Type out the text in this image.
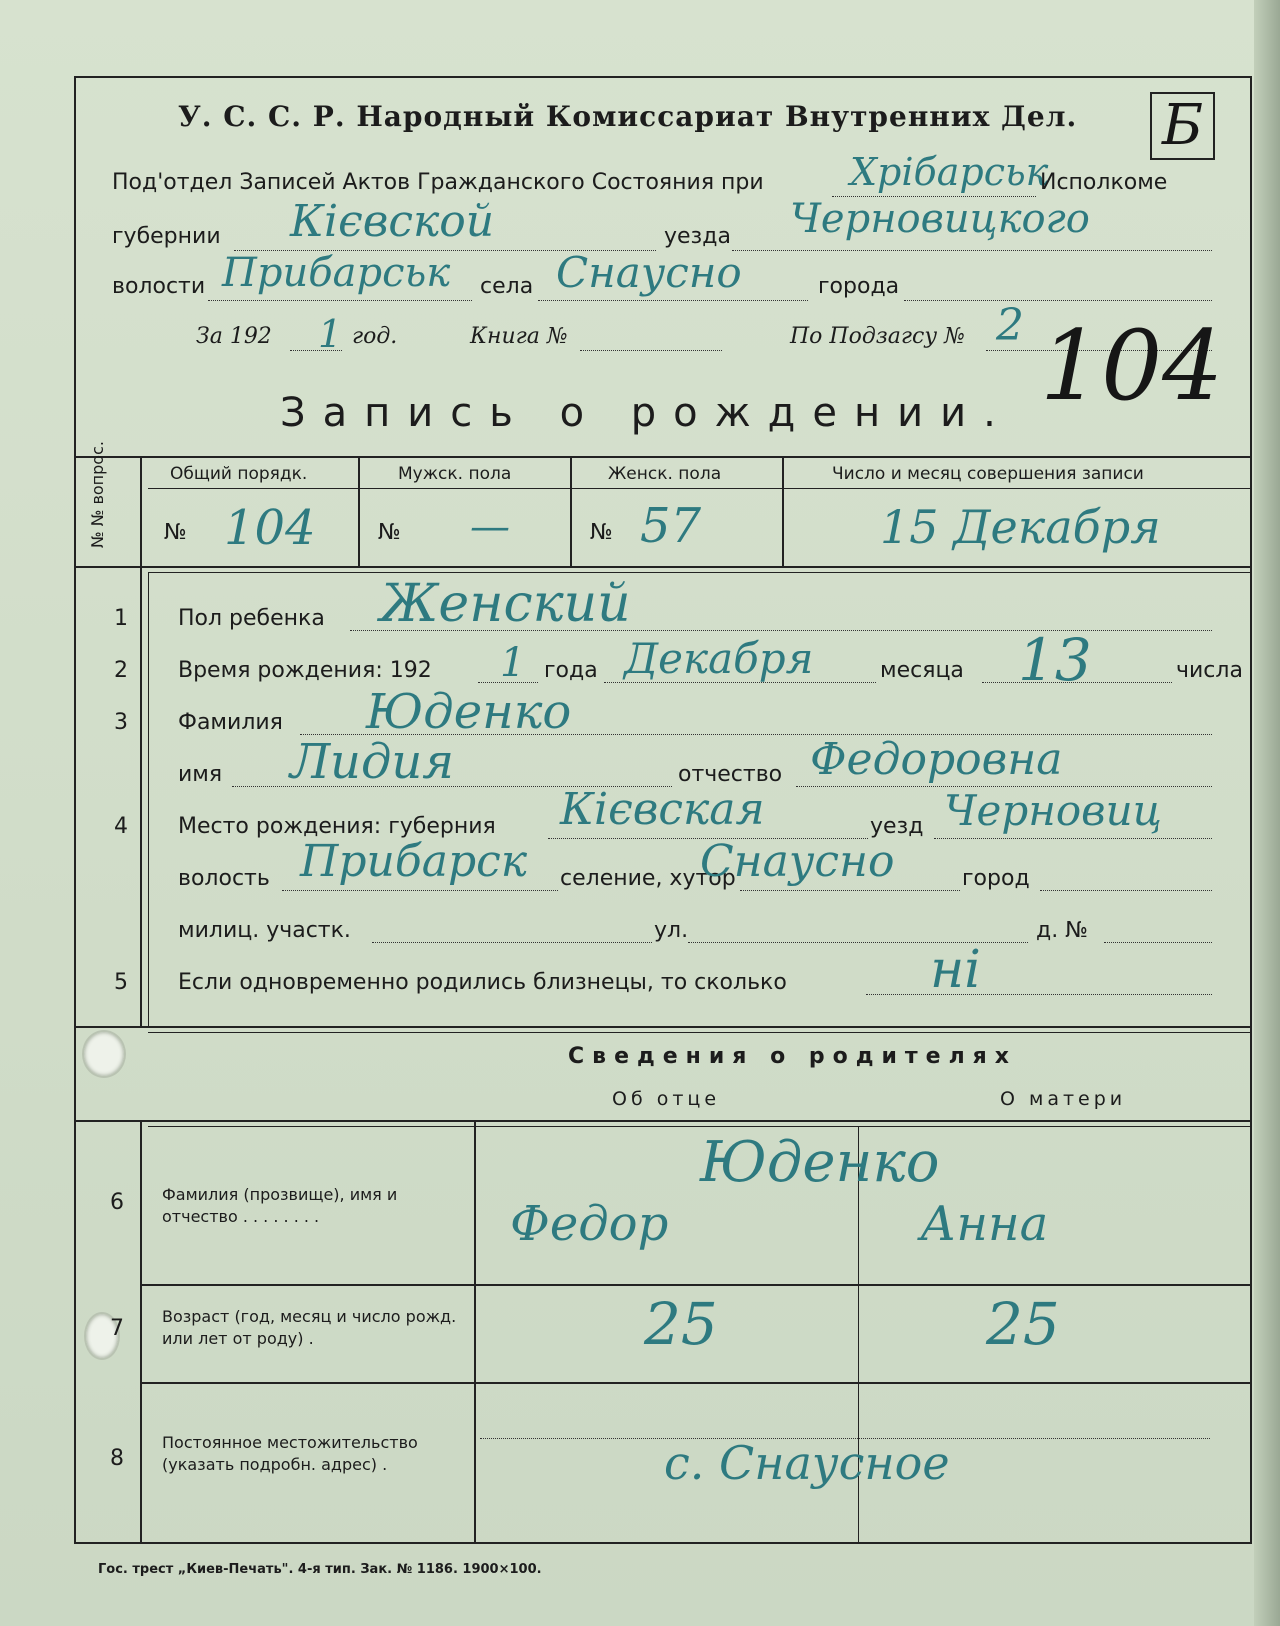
У. С. С. Р. Народный Комиссариат Внутренних Дел. Б
Под'отдел Записей Актов Гражданского Состояния при Хрібарськ
Исполкоме
губернии Кієвской	уезда Черновицкого
волости Прибарськ села Снаусно	города
За 192 1 год.	Книга №	По Подзагсу № 2 104
Запись о рождении.
№ № вопрос.	Общий порядк.	Мужск. пола	Женск. пола	Число и месяц совершения записи
№ 104	№ —	№ 57	15 Декабря
1 Пол ребенка Женский
2 Время рождения: 192 1 года Декабря	месяца 13	числа
3 Фамилия Юденко
имя Лидия	отчество Федоровна
4 Место рождения: губерния Кієвская	уезд Черновиц
волость Прибарск селение, хутор
Снаусно	город
милиц. участк.	ул.	д. №
5 Если одновременно родились близнецы, то сколько	ні
Сведения о родителях
Об отце	О матери
6 Фамилия (прозвище), имя и отчество . . . . . . . .
Юденко
Федор	Анна
7 Возраст (год, месяц и число рожд. или лет от роду) .	25	25
8
Постоянное местожительство (указать подробн. адрес) .	с. Снаусное
Гос. трест „Киев-Печать". 4-я тип. Зак. № 1186. 1900×100.
